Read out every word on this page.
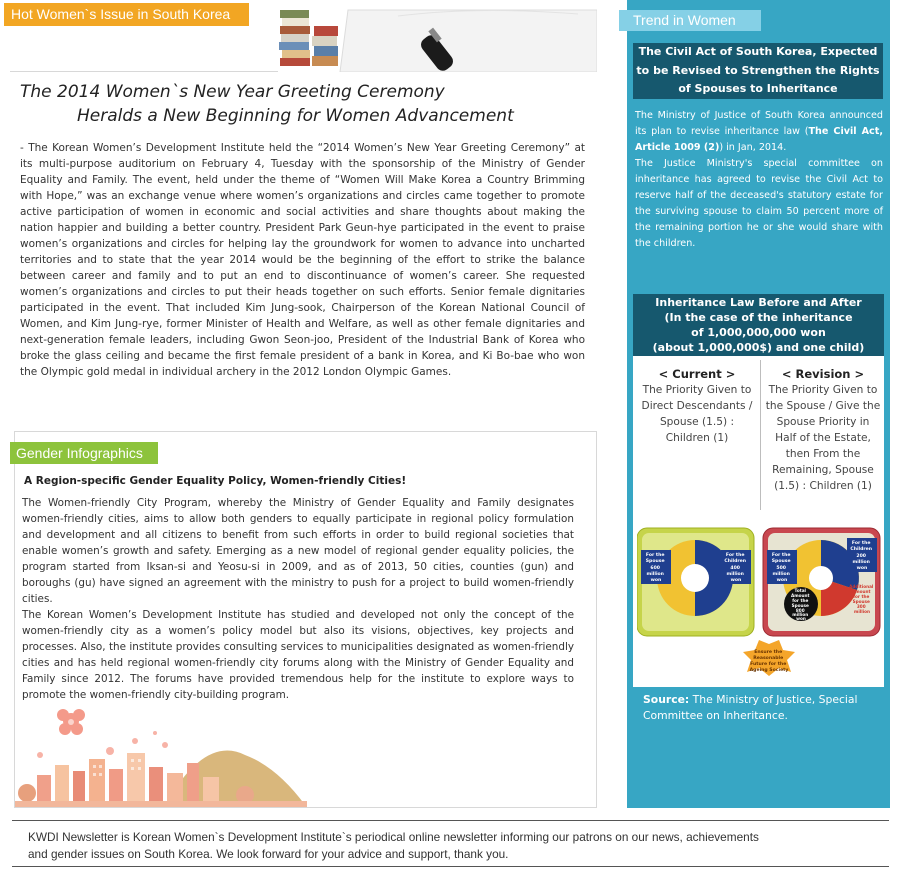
Hot Women`s Issue in South Korea
The 2014 Women`s New Year Greeting Ceremony
Heralds a New Beginning for Women Advancement
- The Korean Women’s Development Institute held the “2014 Women’s New Year Greeting Ceremony” at its multi-purpose auditorium on February 4, Tuesday with the sponsorship of the Ministry of Gender Equality and Family. The event, held under the theme of “Women Will Make Korea a Country Brimming with Hope,” was an exchange venue where women’s organizations and circles came together to promote active participation of women in economic and social activities and share thoughts about making the nation happier and building a better country. President Park Geun-hye participated in the event to praise women’s organizations and circles for helping lay the groundwork for women to advance into uncharted territories and to state that the year 2014 would be the beginning of the effort to strike the balance between career and family and to put an end to discontinuance of women’s career. She requested women’s organizations and circles to put their heads together on such efforts. Senior female dignitaries participated in the event. That included Kim Jung-sook, Chairperson of the Korean National Council of Women, and Kim Jung-rye, former Minister of Health and Welfare, as well as other female dignitaries and next-generation female leaders, including Gwon Seon-joo, President of the Industrial Bank of Korea who broke the glass ceiling and became the first female president of a bank in Korea, and Ki Bo-bae who won the Olympic gold medal in individual archery in the 2012 London Olympic Games.
Gender Infographics
A Region-specific Gender Equality Policy, Women-friendly Cities!

The Women-friendly City Program, whereby the Ministry of Gender Equality and Family designates women-friendly cities, aims to allow both genders to equally participate in regional policy formulation and development and all citizens to benefit from such efforts in order to build regional societies that enable women’s growth and safety. Emerging as a new model of regional gender equality policies, the program started from Iksan-si and Yeosu-si in 2009, and as of 2013, 50 cities, counties (gun) and boroughs (gu) have signed an agreement with the ministry to push for a project to build women-friendly cities.

The Korean Women’s Development Institute has studied and developed not only the concept of the women-friendly city as a women’s policy model but also its visions, objectives, key projects and processes. Also, the institute provides consulting services to municipalities designated as women-friendly cities and has held regional women-friendly city forums along with the Ministry of Gender Equality and Family since 2012. The forums have provided tremendous help for the institute to explore ways to promote the women-friendly city-building program.

Trend in Women
The Civil Act of South Korea, Expected to be Revised to Strengthen the Rights of Spouses to Inheritance
The Ministry of Justice of South Korea announced its plan to revise inheritance law (The Civil Act, Article 1009 (2)) in Jan, 2014.
The Justice Ministry's special committee on inheritance has agreed to revise the Civil Act to reserve half of the deceased's statutory estate for the surviving spouse to claim 50 percent more of the remaining portion he or she would share with the children.
Inheritance Law Before and After
(In the case of the inheritance
of 1,000,000,000 won
(about 1,000,000$) and one child)
< Current >
The Priority Given to Direct Descendants / Spouse (1.5) : Children (1)
< Revision >
The Priority Given to the Spouse / Give the Spouse Priority in Half of the Estate, then From the Remaining, Spouse (1.5) : Children (1)
For the Spouse 600 million won
For the Children 400 million won
For the Spouse 500 million won
For the Children 200 million won
Total Amount for the Spouse 800 million won
Additional Amount for the Spouse 300 million
Ensure the Reasonable Future for the Ageing Society
Source: The Ministry of Justice, Special Committee on Inheritance.
KWDI Newsletter is Korean Women`s Development Institute`s periodical online newsletter informing our patrons on our news, achievements
and gender issues on South Korea. We look forward for your advice and support, thank you.
